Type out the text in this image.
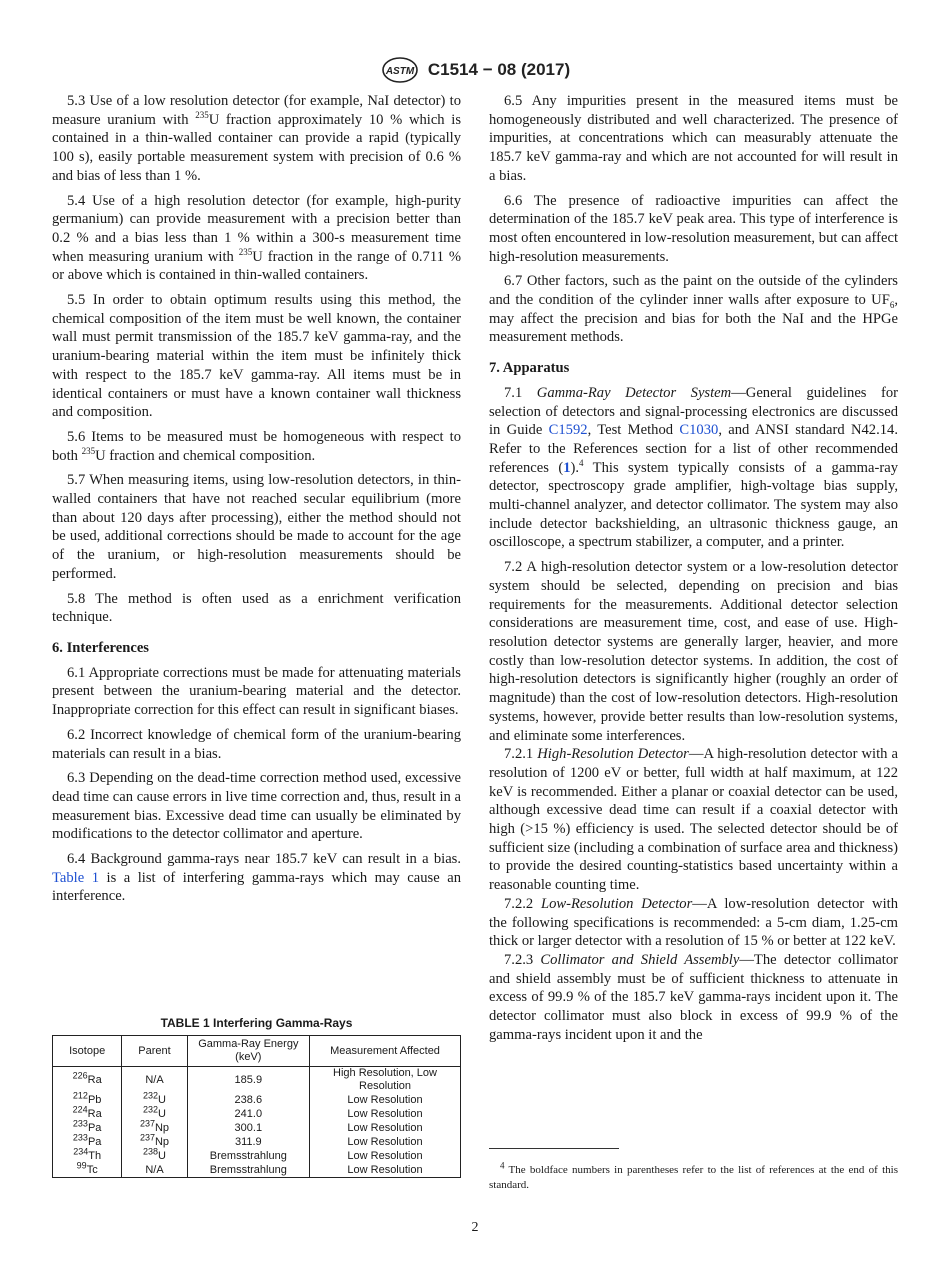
ASTM C1514 − 08 (2017)

5.3 Use of a low resolution detector (for example, NaI detector) to measure uranium with $^{235}$U fraction approximately 10 % which is contained in a thin-walled container can provide a rapid (typically 100 s), easily portable measurement system with precision of 0.6 % and bias of less than 1 %.

5.4 Use of a high resolution detector (for example, high-purity germanium) can provide measurement with a precision better than 0.2 % and a bias less than 1 % within a 300-s measurement time when measuring uranium with $^{235}$U fraction in the range of 0.711 % or above which is contained in thin-walled containers.

5.5 In order to obtain optimum results using this method, the chemical composition of the item must be well known, the container wall must permit transmission of the 185.7 keV gamma-ray, and the uranium-bearing material within the item must be infinitely thick with respect to the 185.7 keV gamma-ray. All items must be in identical containers or must have a known container wall thickness and composition.

5.6 Items to be measured must be homogeneous with respect to both $^{235}$U fraction and chemical composition.

5.7 When measuring items, using low-resolution detectors, in thin-walled containers that have not reached secular equilibrium (more than about 120 days after processing), either the method should not be used, additional corrections should be made to account for the age of the uranium, or high-resolution measurements should be performed.

5.8 The method is often used as a enrichment verification technique.

6. Interferences

6.1 Appropriate corrections must be made for attenuating materials present between the uranium-bearing material and the detector. Inappropriate correction for this effect can result in significant biases.

6.2 Incorrect knowledge of chemical form of the uranium-bearing materials can result in a bias.

6.3 Depending on the dead-time correction method used, excessive dead time can cause errors in live time correction and, thus, result in a measurement bias. Excessive dead time can usually be eliminated by modifications to the detector collimator and aperture.

6.4 Background gamma-rays near 185.7 keV can result in a bias. Table 1 is a list of interfering gamma-rays which may cause an interference.

TABLE 1 Interfering Gamma-Rays
Isotope	Parent	Gamma-Ray Energy (keV)	Measurement Affected
$^{226}$Ra	N/A	185.9	High Resolution, Low Resolution
$^{212}$Pb	$^{232}$U	238.6	Low Resolution
$^{224}$Ra	$^{232}$U	241.0	Low Resolution
$^{233}$Pa	$^{237}$Np	300.1	Low Resolution
$^{233}$Pa	$^{237}$Np	311.9	Low Resolution
$^{234}$Th	$^{238}$U	Bremsstrahlung	Low Resolution
$^{99}$Tc	N/A	Bremsstrahlung	Low Resolution

6.5 Any impurities present in the measured items must be homogeneously distributed and well characterized. The presence of impurities, at concentrations which can measurably attenuate the 185.7 keV gamma-ray and which are not accounted for will result in a bias.

6.6 The presence of radioactive impurities can affect the determination of the 185.7 keV peak area. This type of interference is most often encountered in low-resolution measurement, but can affect high-resolution measurements.

6.7 Other factors, such as the paint on the outside of the cylinders and the condition of the cylinder inner walls after exposure to $UF_6$, may affect the precision and bias for both the NaI and the HPGe measurement methods.

7. Apparatus

7.1 Gamma-Ray Detector System—General guidelines for selection of detectors and signal-processing electronics are discussed in Guide C1592, Test Method C1030, and ANSI standard N42.14. Refer to the References section for a list of other recommended references (1).$^4$ This system typically consists of a gamma-ray detector, spectroscopy grade amplifier, high-voltage bias supply, multi-channel analyzer, and detector collimator. The system may also include detector backshielding, an ultrasonic thickness gauge, an oscilloscope, a spectrum stabilizer, a computer, and a printer.

7.2 A high-resolution detector system or a low-resolution detector system should be selected, depending on precision and bias requirements for the measurements. Additional detector selection considerations are measurement time, cost, and ease of use. High-resolution detector systems are generally larger, heavier, and more costly than low-resolution detector systems. In addition, the cost of high-resolution detectors is significantly higher (roughly an order of magnitude) than the cost of low-resolution detectors. High-resolution systems, however, provide better results than low-resolution systems, and eliminate some interferences.

7.2.1 High-Resolution Detector—A high-resolution detector with a resolution of 1200 eV or better, full width at half maximum, at 122 keV is recommended. Either a planar or coaxial detector can be used, although excessive dead time can result if a coaxial detector with high (>15 %) efficiency is used. The selected detector should be of sufficient size (including a combination of surface area and thickness) to provide the desired counting-statistics based uncertainty within a reasonable counting time.

7.2.2 Low-Resolution Detector—A low-resolution detector with the following specifications is recommended: a 5-cm diam, 1.25-cm thick or larger detector with a resolution of 15 % or better at 122 keV.

7.2.3 Collimator and Shield Assembly—The detector collimator and shield assembly must be of sufficient thickness to attenuate in excess of 99.9 % of the 185.7 keV gamma-rays incident upon it. The detector collimator must also block in excess of 99.9 % of the gamma-rays incident upon it and the

$^4$ The boldface numbers in parentheses refer to the list of references at the end of this standard.
2
